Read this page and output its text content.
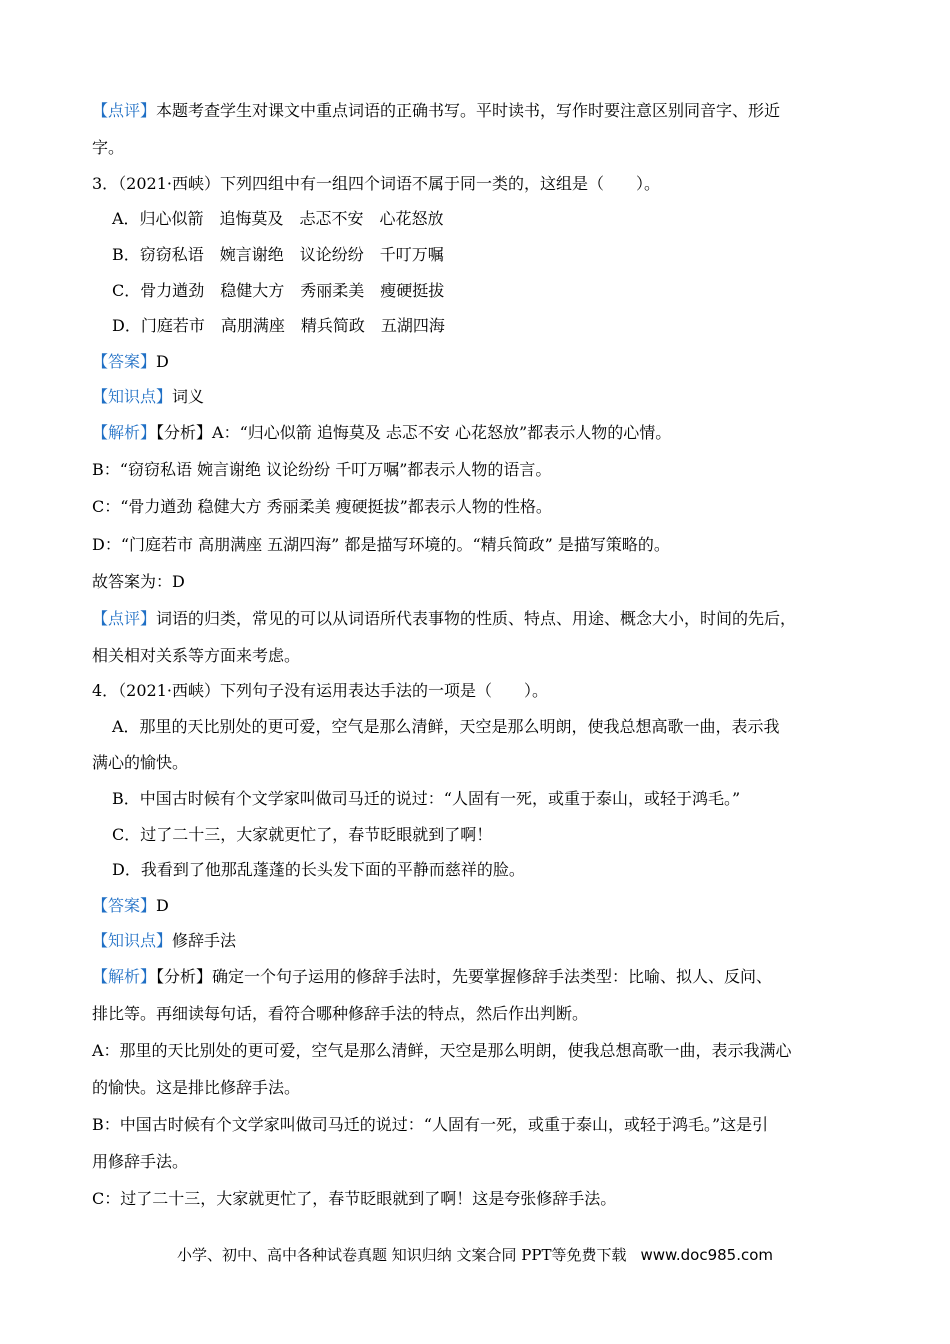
【点评】本题考查学生对课文中重点词语的正确书写。平时读书，写作时要注意区别同音字、形近
字。
3．（2021·西峡）下列四组中有一组四个词语不属于同一类的，这组是（　　）。
A．归心似箭　追悔莫及　忐忑不安　心花怒放
B．窃窃私语　婉言谢绝　议论纷纷　千叮万嘱
C．骨力遒劲　稳健大方　秀丽柔美　瘦硬挺拔
D．门庭若市　高朋满座　精兵简政　五湖四海
【答案】D
【知识点】词义
【解析】【分析】A：“归心似箭 追悔莫及 忐忑不安 心花怒放”都表示人物的心情。
B：“窃窃私语 婉言谢绝 议论纷纷 千叮万嘱”都表示人物的语言。
C：“骨力遒劲 稳健大方 秀丽柔美 瘦硬挺拔”都表示人物的性格。
D：“门庭若市 高朋满座 五湖四海” 都是描写环境的。“精兵简政” 是描写策略的。
故答案为：D
【点评】词语的归类，常见的可以从词语所代表事物的性质、特点、用途、概念大小，时间的先后，
相关相对关系等方面来考虑。
4．（2021·西峡）下列句子没有运用表达手法的一项是（　　）。
A．那里的天比别处的更可爱，空气是那么清鲜，天空是那么明朗，使我总想高歌一曲，表示我
满心的愉快。
B．中国古时候有个文学家叫做司马迁的说过：“人固有一死，或重于泰山，或轻于鸿毛。”
C．过了二十三，大家就更忙了，春节眨眼就到了啊！
D．我看到了他那乱蓬蓬的长头发下面的平静而慈祥的脸。
【答案】D
【知识点】修辞手法
【解析】【分析】确定一个句子运用的修辞手法时，先要掌握修辞手法类型：比喻、拟人、反问、
排比等。再细读每句话，看符合哪种修辞手法的特点，然后作出判断。
A：那里的天比别处的更可爱，空气是那么清鲜，天空是那么明朗，使我总想高歌一曲，表示我满心
的愉快。这是排比修辞手法。
B：中国古时候有个文学家叫做司马迁的说过：“人固有一死，或重于泰山，或轻于鸿毛。”这是引
用修辞手法。
C：过了二十三，大家就更忙了，春节眨眼就到了啊！这是夸张修辞手法。
小学、初中、高中各种试卷真题 知识归纳 文案合同 PPT等免费下载 www.doc985.com
